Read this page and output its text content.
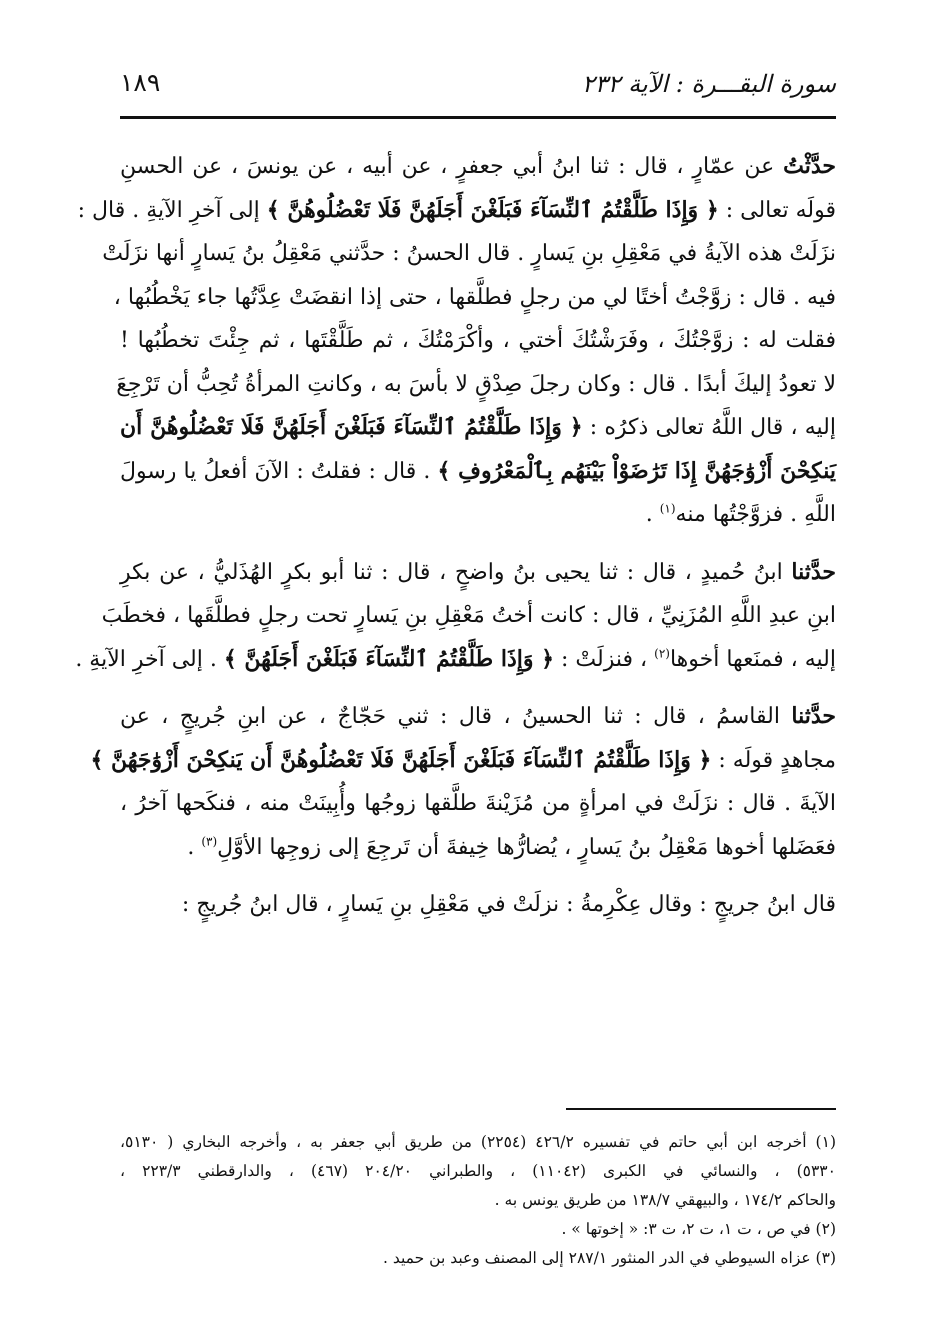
سورة البقـــرة : الآية ٢٣٢
١٨٩
حدَّثْتُ عن عمّارٍ ، قال : ثنا ابنُ أبي جعفرٍ ، عن أبيه ، عن يونسَ ، عن الحسنِ
قولَه تعالى : ﴿ وَإِذَا طَلَّقْتُمُ ٱلنِّسَآءَ فَبَلَغْنَ أَجَلَهُنَّ فَلَا تَعْضُلُوهُنَّ ﴾ إلى آخرِ الآيةِ . قال :
نزَلَتْ هذه الآيةُ في مَعْقِلِ بنِ يَسارٍ . قال الحسنُ : حدَّثني مَعْقِلُ بنُ يَسارٍ أنها نزَلَتْ
فيه . قال : زوَّجْتُ أختًا لي من رجلٍ فطلَّقها ، حتى إذا انقضَتْ عِدَّتُها جاء يَخْطُبُها ،
فقلت له : زوَّجْتُكَ ، وفَرَشْتُكَ أختي ، وأكْرَمْتُكَ ، ثم طَلَّقْتَها ، ثم جِئْتَ تخطُبُها !
لا تعودُ إليكَ أبدًا . قال : وكان رجلَ صِدْقٍ لا بأسَ به ، وكانتِ المرأةُ تُحِبُّ أن تَرْجِعَ
إليه ، قال اللَّهُ تعالى ذكرُه : ﴿ وَإِذَا طَلَّقْتُمُ ٱلنِّسَآءَ فَبَلَغْنَ أَجَلَهُنَّ فَلَا تَعْضُلُوهُنَّ أَن
يَنكِحْنَ أَزْوَٰجَهُنَّ إِذَا تَرَٰضَوْاْ بَيْنَهُم بِٱلْمَعْرُوفِ ﴾ . قال : فقلتُ : الآنَ أفعلُ يا رسولَ
اللَّهِ . فزوَّجْتُها منه$^{(١)}$ .
حدَّثنا ابنُ حُميدٍ ، قال : ثنا يحيى بنُ واضحٍ ، قال : ثنا أبو بكرٍ الهُذَليُّ ، عن بكرِ
ابنِ عبدِ اللَّهِ المُزَنِيِّ ، قال : كانت أختُ مَعْقِلِ بنِ يَسارٍ تحت رجلٍ فطلَّقَها ، فخطَبَ
إليه ، فمنَعها أخوها$^{(٢)}$ ، فنزلَتْ : ﴿ وَإِذَا طَلَّقْتُمُ ٱلنِّسَآءَ فَبَلَغْنَ أَجَلَهُنَّ ﴾ . إلى آخرِ الآيةِ .
حدَّثنا القاسمُ ، قال : ثنا الحسينُ ، قال : ثني حَجّاجٌ ، عن ابنِ جُريجٍ ، عن
مجاهدٍ قولَه : ﴿ وَإِذَا طَلَّقْتُمُ ٱلنِّسَآءَ فَبَلَغْنَ أَجَلَهُنَّ فَلَا تَعْضُلُوهُنَّ أَن يَنكِحْنَ أَزْوَٰجَهُنَّ ﴾
الآيةَ . قال : نزَلَتْ في امرأةٍ من مُزَيْنةَ طلَّقها زوجُها وأُبِينَتْ منه ، فنكَحها آخرُ ،
فعَضَلها أخوها مَعْقِلُ بنُ يَسارٍ ، يُضارُّها خِيفةَ أن تَرجِعَ إلى زوجِها الأوَّلِ$^{(٣)}$ .
قال ابنُ جريجٍ : وقال عِكْرِمةُ : نزلَتْ في مَعْقِلِ بنِ يَسارٍ ، قال ابنُ جُريجٍ :
(١) أخرجه ابن أبي حاتم في تفسيره ٤٢٦/٢ (٢٢٥٤) من طريق أبي جعفر به ، وأخرجه البخاري ( ٥١٣٠،
٥٣٣٠) ، والنسائي في الكبرى (١١٠٤٢) ، والطبراني ٢٠٤/٢٠ (٤٦٧) ، والدارقطني ٢٢٣/٣ ،
والحاكم ١٧٤/٢ ، والبيهقي ١٣٨/٧ من طريق يونس به .
(٢) في ص ، ت ١، ت ٢، ت ٣: « إخوتها » .
(٣) عزاه السيوطي في الدر المنثور ٢٨٧/١ إلى المصنف وعبد بن حميد .
